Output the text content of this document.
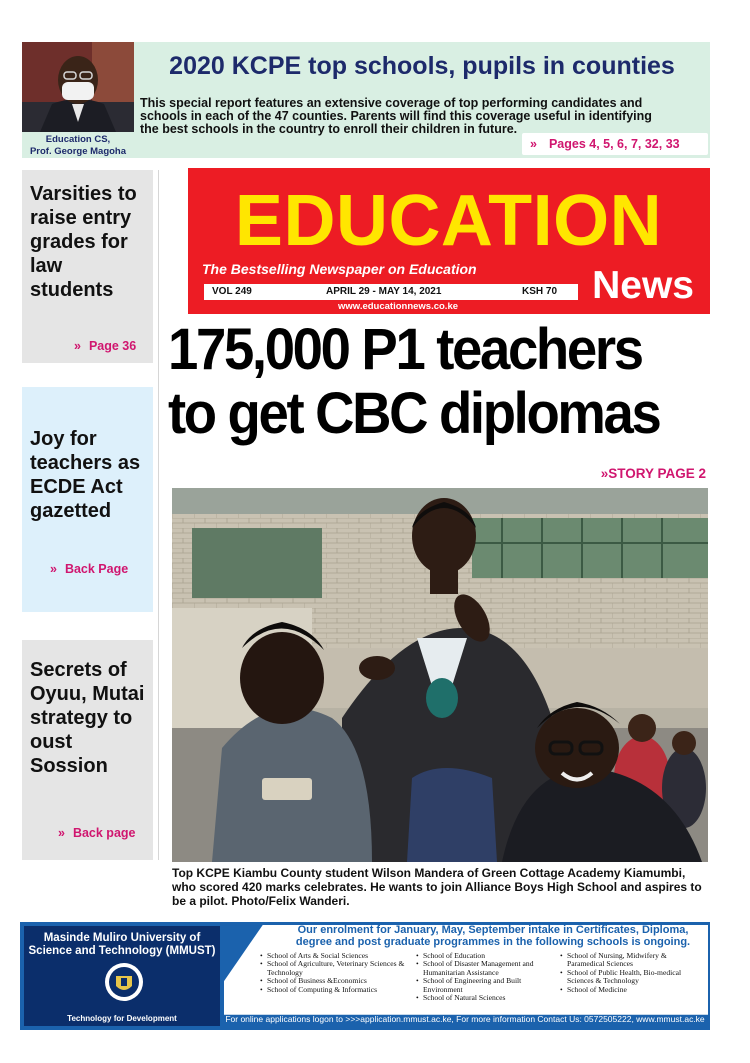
Education CS,
Prof. George Magoha
2020 KCPE top schools, pupils in counties
This special report features an extensive coverage of top performing candidates and schools in each of the 47 counties. Parents will find this coverage useful in identifying the best schools in the country to enroll their children in future.
» Pages 4, 5, 6, 7, 32, 33
Varsities to raise entry grades for law students
» Page 36
Joy for teachers as ECDE Act gazetted
» Back Page
Secrets of Oyuu, Mutai strategy to oust Sossion
» Back page
EDUCATION
The Bestselling Newspaper on Education	News
VOL 249	APRIL 29 - MAY 14, 2021	KSH 70
www.educationnews.co.ke
175,000 P1 teachers
to get CBC diplomas
»STORY PAGE 2
Top KCPE Kiambu County student Wilson Mandera of Green Cottage Academy Kiamumbi, who scored 420 marks celebrates. He wants to join Alliance Boys High School and aspires to be a pilot. Photo/Felix Wanderi.
Masinde Muliro University of
Science and Technology (MMUST)
Technology for Development
Our enrolment for January, May, September intake in Certificates, Diploma, degree and post graduate programmes in the following schools is ongoing.
• School of Arts & Social Sciences
• School of Agriculture, Veterinary Sciences & Technology
• School of Business &Economics
• School of Computing & Informatics
• School of Education
• School of Disaster Management and Humanitarian Assistance
• School of Engineering and Built Environment
• School of Natural Sciences
• School of Nursing, Midwifery & Paramedical Sciences
• School of Public Health, Bio-medical Sciences & Technology
• School of Medicine
For online applications logon to >>>application.mmust.ac.ke, For more information Contact Us: 0572505222, www.mmust.ac.ke
